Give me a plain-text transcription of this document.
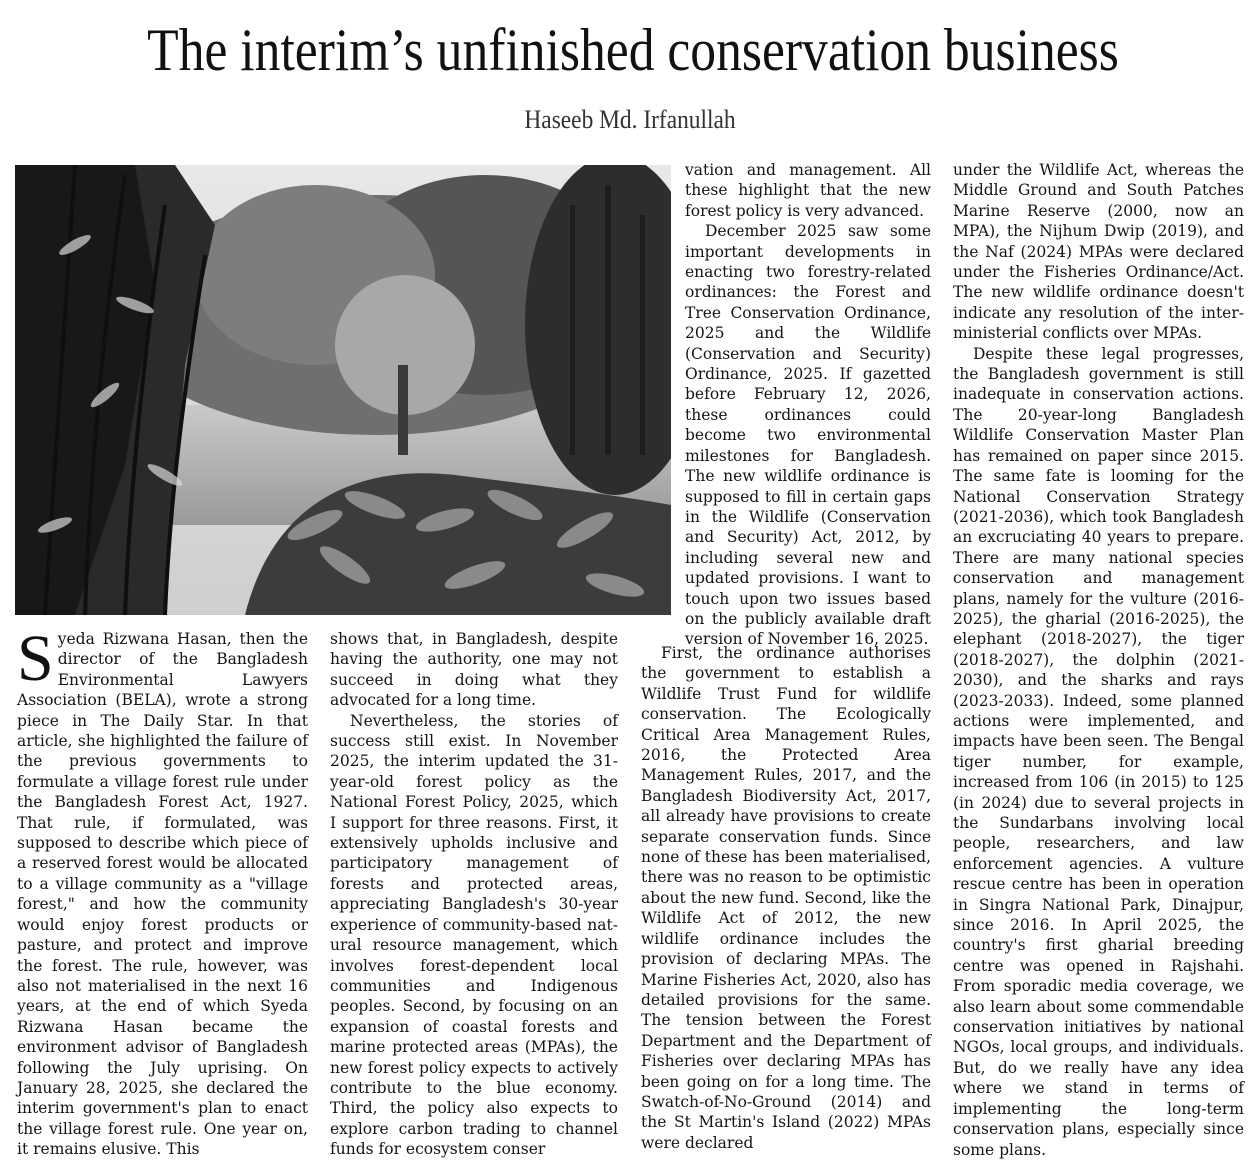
The interim’s unfinished conservation business
Haseeb Md. Irfanullah

Syeda Rizwana Hasan, then the director of the Bangladesh Environmental Lawyers Association (BELA), wrote a strong piece in The Daily Star. In that article, she highlighted the failure of the previous governments to formulate a village forest rule under the Bangladesh Forest Act, 1927. That rule, if formulated, was supposed to describe which piece of a reserved forest would be allocated to a village community as a "village forest," and how the community would enjoy forest products or pasture, and protect and improve the forest. The rule, however, was also not materialised in the next 16 years, at the end of which Syeda Rizwana Hasan became the environment advisor of Bangladesh following the July uprising. On January 28, 2025, she declared the interim government's plan to enact the village forest rule. One year on, it remains elusive. This

shows that, in Bangladesh, despite having the authority, one may not succeed in doing what they advocated for a long time.

Nevertheless, the stories of success still exist. In November 2025, the interim updated the 31-year-old forest policy as the National Forest Policy, 2025, which I support for three reasons. First, it extensively upholds inclusive and participatory management of forests and protected areas, appreciating Bangladesh's 30-year experience of community-based natural resource management, which involves forest-dependent local communities and Indigenous peoples. Second, by focusing on an expansion of coastal forests and marine protected areas (MPAs), the new forest policy expects to actively contribute to the blue economy. Third, the policy also expects to explore carbon trading to channel funds for ecosystem conser

vation and management. All these highlight that the new forest policy is very advanced.

December 2025 saw some important developments in enacting two forestry-related ordinances: the Forest and Tree Conservation Ordinance, 2025 and the Wildlife (Conservation and Security) Ordinance, 2025. If gazetted before February 12, 2026, these ordinances could become two environmental milestones for Bangladesh. The new wildlife ordinance is supposed to fill in certain gaps in the Wildlife (Conservation and Security) Act, 2012, by including several new and updated provisions. I want to touch upon two issues based on the publicly available draft version of November 16, 2025.

First, the ordinance authorises the government to establish a Wildlife Trust Fund for wildlife conservation. The Ecologically Critical Area Management Rules, 2016, the Protected Area Management Rules, 2017, and the Bangladesh Biodiversity Act, 2017, all already have provisions to create separate conservation funds. Since none of these has been materialised, there was no reason to be optimistic about the new fund. Second, like the Wildlife Act of 2012, the new wildlife ordinance includes the provision of declaring MPAs. The Marine Fisheries Act, 2020, also has detailed provisions for the same. The tension between the Forest Department and the Department of Fisheries over declaring MPAs has been going on for a long time. The Swatch-of-No-Ground (2014) and the St Martin's Island (2022) MPAs were declared

under the Wildlife Act, whereas the Middle Ground and South Patches Marine Reserve (2000, now an MPA), the Nijhum Dwip (2019), and the Naf (2024) MPAs were declared under the Fisheries Ordinance/Act. The new wildlife ordinance doesn't indicate any resolution of the inter-ministerial conflicts over MPAs.

Despite these legal progresses, the Bangladesh government is still inadequate in conservation actions. The 20-year-long Bangladesh Wildlife Conservation Master Plan has remained on paper since 2015. The same fate is looming for the National Conservation Strategy (2021-2036), which took Bangladesh an excruciating 40 years to prepare. There are many national species conservation and management plans, namely for the vulture (2016-2025), the gharial (2016-2025), the elephant (2018-2027), the tiger (2018-2027), the dolphin (2021-2030), and the sharks and rays (2023-2033). Indeed, some planned actions were implemented, and impacts have been seen. The Bengal tiger number, for example, increased from 106 (in 2015) to 125 (in 2024) due to several projects in the Sundarbans involving local people, researchers, and law enforcement agencies. A vulture rescue centre has been in operation in Singra National Park, Dinajpur, since 2016. In April 2025, the country's first gharial breeding centre was opened in Rajshahi. From sporadic media coverage, we also learn about some commendable conservation initiatives by national NGOs, local groups, and individuals. But, do we really have any idea where we stand in terms of implementing the long-term conservation plans, especially since some plans.
